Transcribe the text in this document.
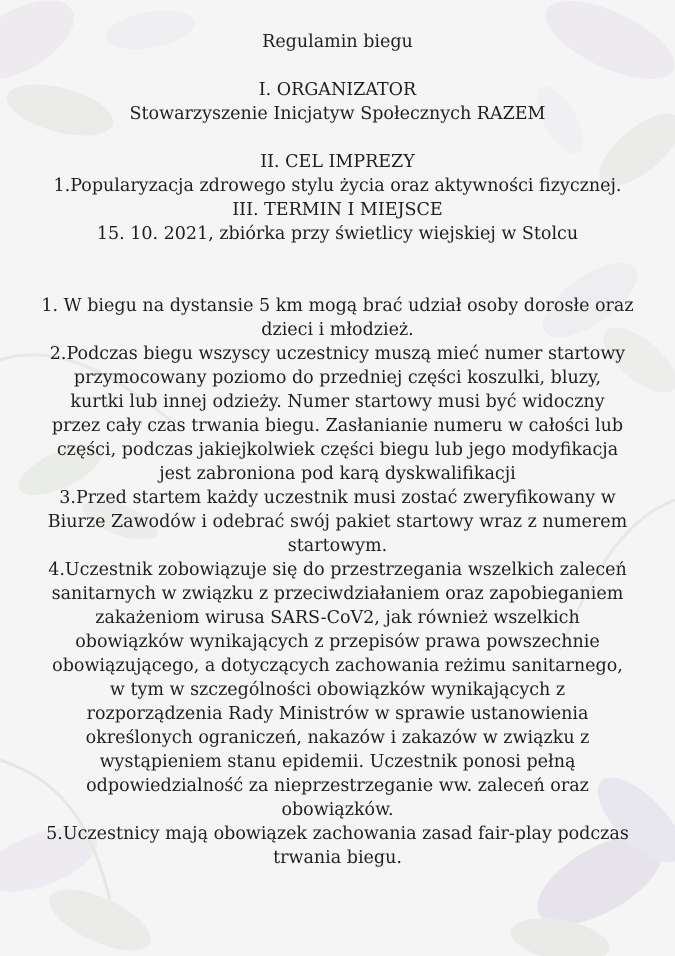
Regulamin biegu
I. ORGANIZATOR
Stowarzyszenie Inicjatyw Społecznych RAZEM
II. CEL IMPREZY
1.Popularyzacja zdrowego stylu życia oraz aktywności fizycznej.
III. TERMIN I MIEJSCE
15. 10. 2021, zbiórka przy świetlicy wiejskiej w Stolcu
1. W biegu na dystansie 5 km mogą brać udział osoby dorosłe oraz
dzieci i młodzież.
2.Podczas biegu wszyscy uczestnicy muszą mieć numer startowy
przymocowany poziomo do przedniej części koszulki, bluzy,
kurtki lub innej odzieży. Numer startowy musi być widoczny
przez cały czas trwania biegu. Zasłanianie numeru w całości lub
części, podczas jakiejkolwiek części biegu lub jego modyfikacja
jest zabroniona pod karą dyskwalifikacji
3.Przed startem każdy uczestnik musi zostać zweryfikowany w
Biurze Zawodów i odebrać swój pakiet startowy wraz z numerem
startowym.
4.Uczestnik zobowiązuje się do przestrzegania wszelkich zaleceń
sanitarnych w związku z przeciwdziałaniem oraz zapobieganiem
zakażeniom wirusa SARS-CoV2, jak również wszelkich
obowiązków wynikających z przepisów prawa powszechnie
obowiązującego, a dotyczących zachowania reżimu sanitarnego,
w tym w szczególności obowiązków wynikających z
rozporządzenia Rady Ministrów w sprawie ustanowienia
określonych ograniczeń, nakazów i zakazów w związku z
wystąpieniem stanu epidemii. Uczestnik ponosi pełną
odpowiedzialność za nieprzestrzeganie ww. zaleceń oraz
obowiązków.
5.Uczestnicy mają obowiązek zachowania zasad fair-play podczas
trwania biegu.
